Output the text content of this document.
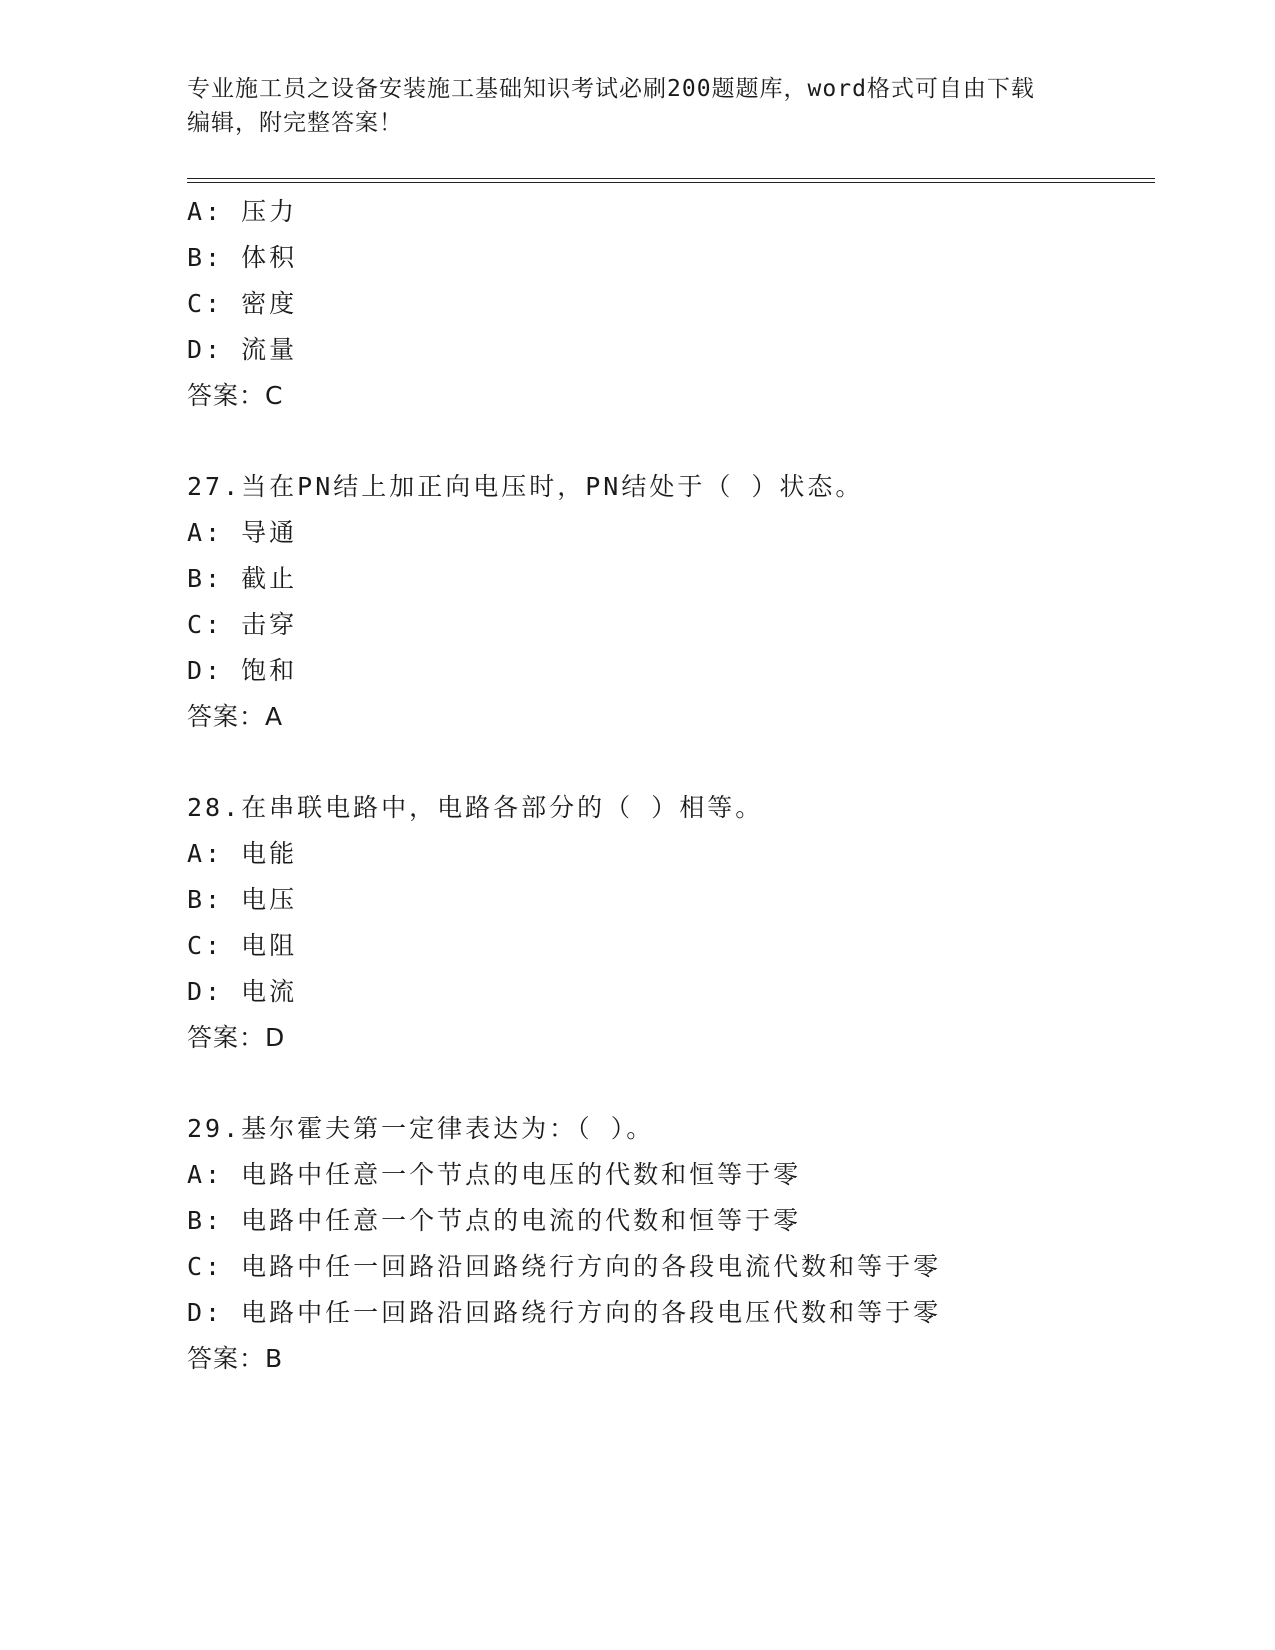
专业施工员之设备安装施工基础知识考试必刷200题题库，word格式可自由下载
编辑，附完整答案！
A: 压力
B: 体积
C: 密度
D: 流量
答案：C
27.当在PN结上加正向电压时，PN结处于（ ）状态。
A: 导通
B: 截止
C: 击穿
D: 饱和
答案：A
28.在串联电路中，电路各部分的（ ）相等。
A: 电能
B: 电压
C: 电阻
D: 电流
答案：D
29.基尔霍夫第一定律表达为：（ ）。
A: 电路中任意一个节点的电压的代数和恒等于零
B: 电路中任意一个节点的电流的代数和恒等于零
C: 电路中任一回路沿回路绕行方向的各段电流代数和等于零
D: 电路中任一回路沿回路绕行方向的各段电压代数和等于零
答案：B
